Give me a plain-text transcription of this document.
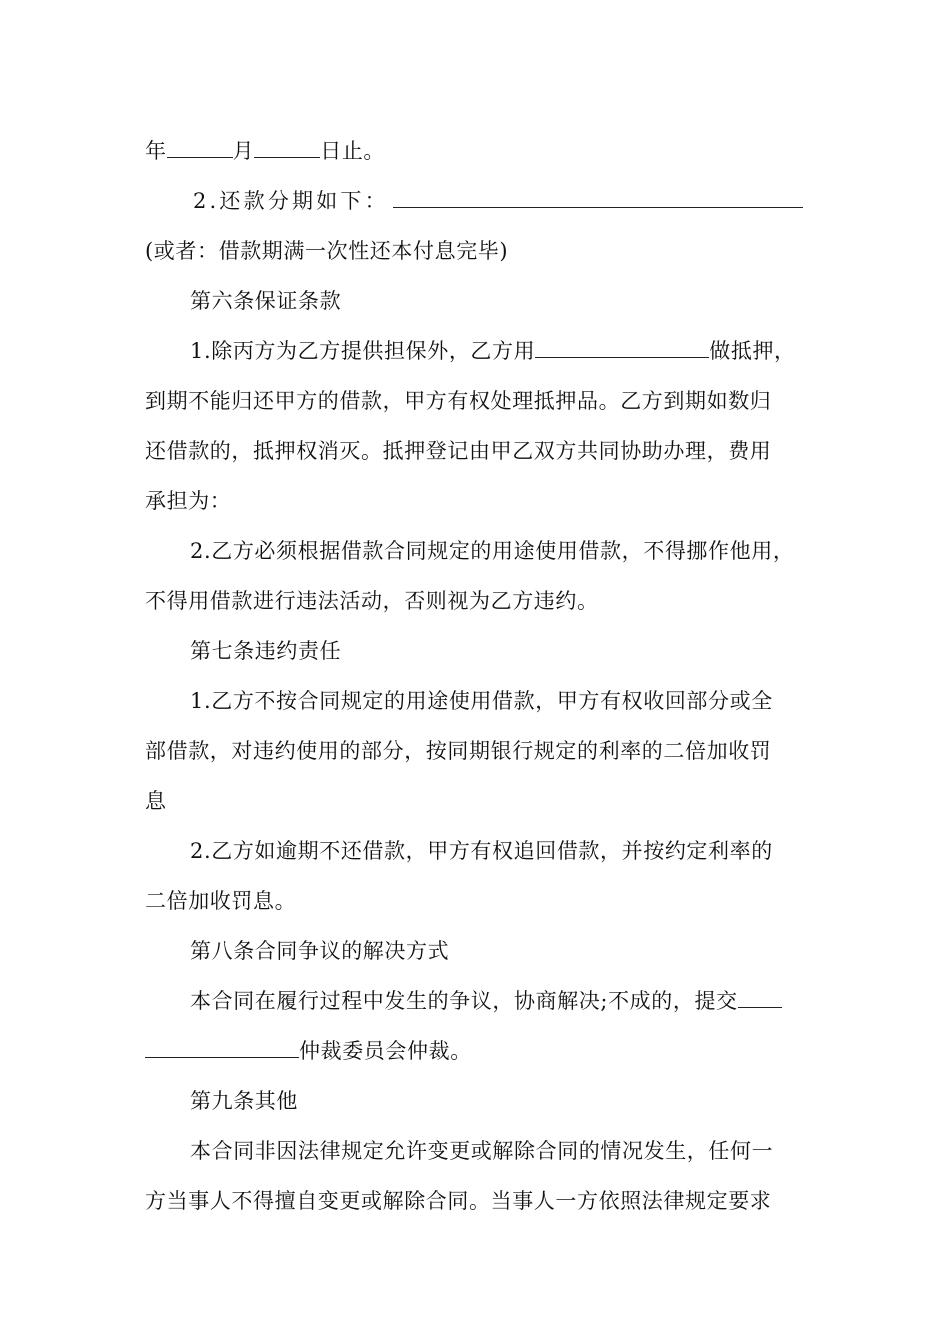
年	月	日止。
2.还款分期如下：
(或者：借款期满一次性还本付息完毕)
第六条保证条款
1.除丙方为乙方提供担保外，乙方用	做抵押，
到期不能归还甲方的借款，甲方有权处理抵押品。乙方到期如数归
还借款的，抵押权消灭。抵押登记由甲乙双方共同协助办理，费用
承担为：
2.乙方必须根据借款合同规定的用途使用借款，不得挪作他用，
不得用借款进行违法活动，否则视为乙方违约。
第七条违约责任
1.乙方不按合同规定的用途使用借款，甲方有权收回部分或全
部借款，对违约使用的部分，按同期银行规定的利率的二倍加收罚
息
2.乙方如逾期不还借款，甲方有权追回借款，并按约定利率的
二倍加收罚息。
第八条合同争议的解决方式
本合同在履行过程中发生的争议，协商解决;不成的，提交
仲裁委员会仲裁。
第九条其他
本合同非因法律规定允许变更或解除合同的情况发生，任何一
方当事人不得擅自变更或解除合同。当事人一方依照法律规定要求
